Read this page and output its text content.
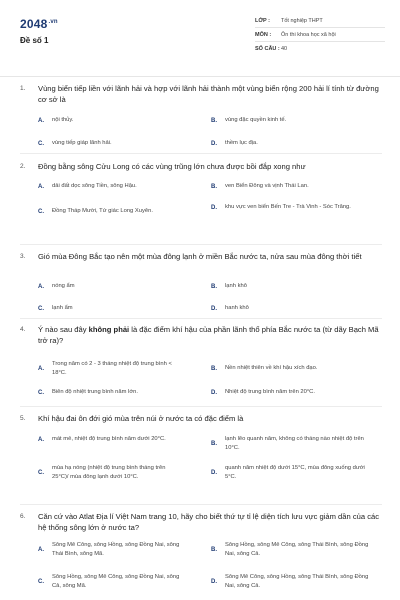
$2048^{.vn}$
Đề số 1
LỚP :	Tốt nghiệp THPT
MÔN :	Ôn thi khoa học xã hội
SỐ CÂU : 40
1. Vùng biển tiếp liền với lãnh hải và hợp với lãnh hải thành một vùng biển rộng 200 hải lí tính từ đường cơ sở là
A.	nội thủy.	B.	vùng đặc quyền kinh tế.
C.	vùng tiếp giáp lãnh hải.	D.	thềm lục địa.
2. Đồng bằng sông Cửu Long có các vùng trũng lớn chưa được bồi đắp xong như
A.	dải đất dọc sông Tiền, sông Hậu.	B.	ven Biển Đông và vịnh Thái Lan.
C.	Đồng Tháp Mười, Tứ giác Long Xuyên.
D.	khu vực ven biển Bến Tre - Trà Vinh - Sóc Trăng.
3. Gió mùa Đông Bắc tạo nên một mùa đông lạnh ở miền Bắc nước ta, nửa sau mùa đông thời tiết
A.	nóng ẩm	B.	lạnh khô
C.	lạnh ẩm	D.	hanh khô
4. Ý nào sau đây không phải là đặc điểm khí hậu của phần lãnh thổ phía Bắc nước ta (từ dãy Bạch Mã trở ra)?
A.
Trong năm có 2 - 3 tháng nhiệt độ trung bình < 18°C.
B.	Nền nhiệt thiên về khí hậu xích đạo.
C.	Biên độ nhiệt trung bình năm lớn.	D.	Nhiệt độ trung bình năm trên 20°C.
5. Khí hậu đai ôn đới gió mùa trên núi ở nước ta có đặc điểm là
A.	mát mẻ, nhiệt độ trung bình năm dưới 20°C.
B.
lạnh lẽo quanh năm, không có tháng nào nhiệt độ trên 10°C.
C.
mùa hạ nóng (nhiệt độ trung bình tháng trên 25°C)/ mùa đông lạnh dưới 10°C.
D.
quanh năm nhiệt độ dưới 15°C, mùa đông xuống dưới 5°C.
6. Căn cứ vào Atlat Địa lí Việt Nam trang 10, hãy cho biết thứ tự tỉ lệ diện tích lưu vực giảm dần của các hệ thống sông lớn ở nước ta?
A.
Sông Mê Công, sông Hồng, sông Đồng Nai, sông Thái Bình, sông Mã.
B.
Sông Hồng, sông Mê Công, sông Thái Bình, sông Đồng Nai, sông Cả.
C.
Sông Hồng, sông Mê Công, sông Đồng Nai, sông Cả, sông Mã.
D.
Sông Mê Công, sông Hồng, sông Thái Bình, sông Đồng Nai, sông Cả.
